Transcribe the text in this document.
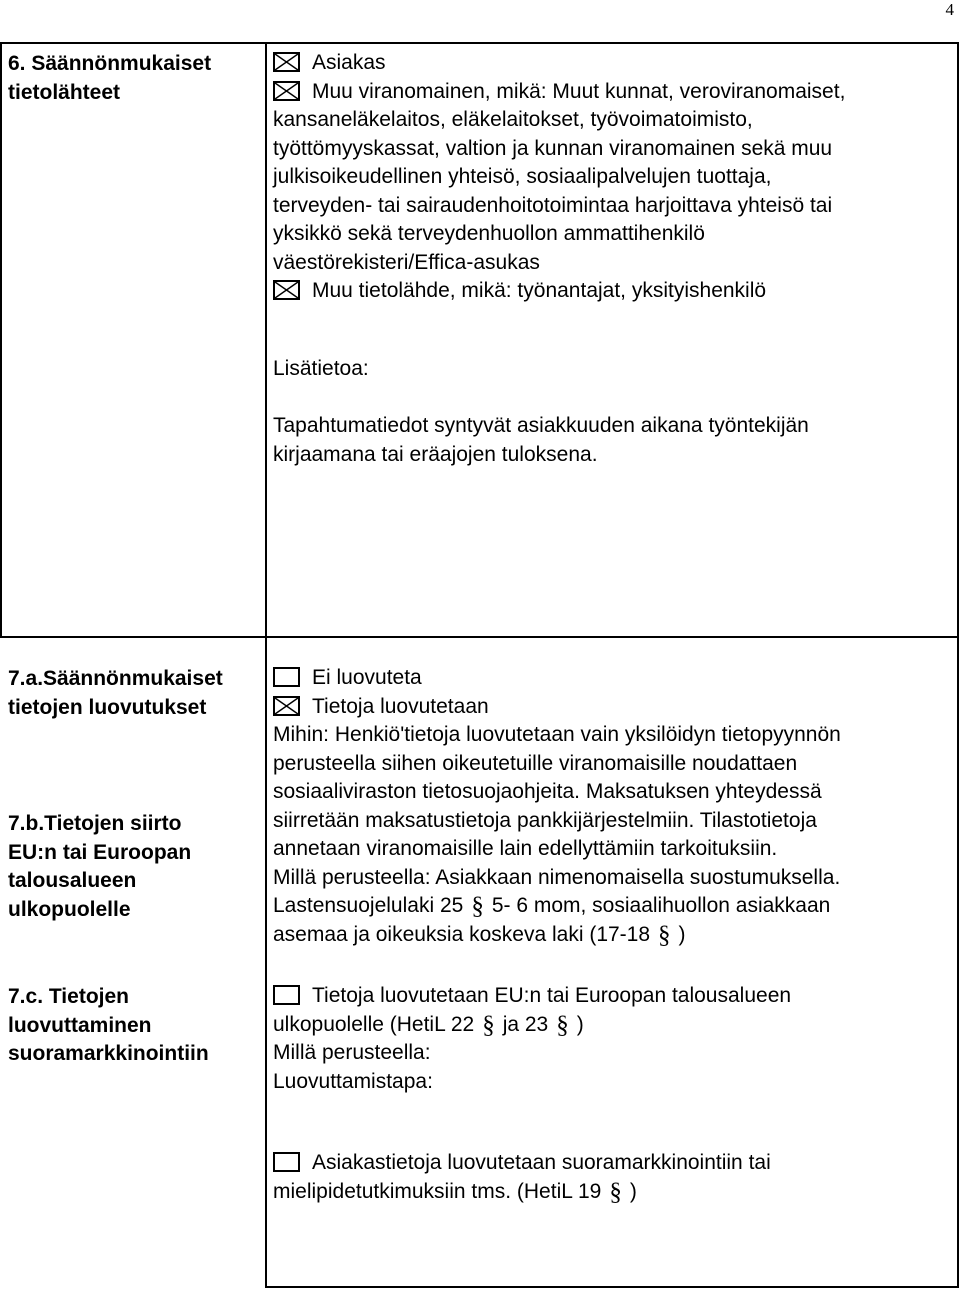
4
6. Säännönmukaiset
tietolähteet
Asiakas
Muu viranomainen, mikä: Muut kunnat, veroviranomaiset,
kansaneläkelaitos, eläkelaitokset, työvoimatoimisto,
työttömyyskassat, valtion ja kunnan viranomainen sekä muu
julkisoikeudellinen yhteisö, sosiaalipalvelujen tuottaja,
terveyden- tai sairaudenhoitotoimintaa harjoittava yhteisö tai
yksikkö sekä terveydenhuollon ammattihenkilö
väestörekisteri/Effica-asukas
Muu tietolähde, mikä: työnantajat, yksityishenkilö
Lisätietoa:
Tapahtumatiedot syntyvät asiakkuuden aikana työntekijän
kirjaamana tai eräajojen tuloksena.
7.a.Säännönmukaiset
tietojen luovutukset
7.b.Tietojen siirto
EU:n tai Euroopan
talousalueen
ulkopuolelle
7.c. Tietojen
luovuttaminen
suoramarkkinointiin
Ei luovuteta
Tietoja luovutetaan
Mihin: Henkiö'tietoja luovutetaan vain yksilöidyn tietopyynnön
perusteella siihen oikeutetuille viranomaisille noudattaen
sosiaaliviraston tietosuojaohjeita. Maksatuksen yhteydessä
siirretään maksatustietoja pankkijärjestelmiin. Tilastotietoja
annetaan viranomaisille lain edellyttämiin tarkoituksiin.
Millä perusteella: Asiakkaan nimenomaisella suostumuksella.
Lastensuojelulaki 25 § 5- 6 mom, sosiaalihuollon asiakkaan
asemaa ja oikeuksia koskeva laki (17-18 § )
Tietoja luovutetaan EU:n tai Euroopan talousalueen
ulkopuolelle (HetiL 22 § ja 23 § )
Millä perusteella:
Luovuttamistapa:
Asiakastietoja luovutetaan suoramarkkinointiin tai
mielipidetutkimuksiin tms. (HetiL 19 § )
